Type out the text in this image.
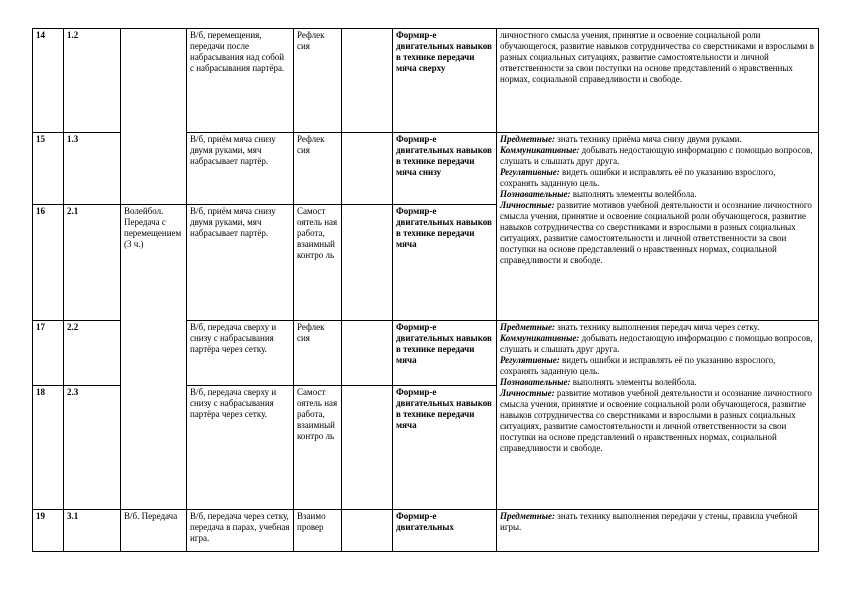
14	1.2		В/б, перемещения, передачи после набрасывания над собой с набрасывания партёра.	Рефлек сия		Формир-е двигательных навыков в технике передачи мяча сверху	личностного смысла учения, принятие и освоение социальной роли обучающегося, развитие навыков сотрудничества со сверстниками и взрослыми в разных социальных ситуациях, развитие самостоятельности и личной ответственности за свои поступки на основе представлений о нравственных нормах, социальной справедливости и свободе.

15	1.3		В/б, приём мяча снизу двумя руками, мяч набрасывает партёр.	Рефлек сия		Формир-е двигательных навыков в технике передачи мяча снизу	Предметные: знать технику приёма мяча снизу двумя руками.

Коммуникативные: добывать недостающую информацию с помощью вопросов, слушать и слышать друг друга.

Регулятивные: видеть ошибки и исправлять её по указанию взрослого, сохранять заданную цель.

Познавательные: выполнять элементы волейбола.

Личностные: развитие мотивов учебной деятельности и осознание личностного смысла учения, принятие и освоение социальной роли обучающегося, развитие навыков сотрудничества со сверстниками и взрослыми в разных социальных ситуациях, развитие самостоятельности и личной ответственности за свои поступки на основе представлений о нравственных нормах, социальной справедливости и свободе.

16	2.1	Волейбол. Передача с перемещением (3 ч.)	В/б, приём мяча снизу двумя руками, мяч набрасывает партёр.	Самост оятель ная работа, взаимный контро ль		Формир-е двигательных навыков в технике передачи мяча	
17	2.2		В/б, передача сверху и снизу с набрасывания партёра через сетку.	Рефлек сия		Формир-е двигательных навыков в технике передачи мяча	Предметные: знать технику выполнения передач мяча через сетку.

Коммуникативные: добывать недостающую информацию с помощью вопросов, слушать и слышать друг друга.

Регулятивные: видеть ошибки и исправлять её по указанию взрослого, сохранять заданную цель.

Познавательные: выполнять элементы волейбола.

Личностные: развитие мотивов учебной деятельности и осознание личностного смысла учения, принятие и освоение социальной роли обучающегося, развитие навыков сотрудничества со сверстниками и взрослыми в разных социальных ситуациях, развитие самостоятельности и личной ответственности за свои поступки на основе представлений о нравственных нормах, социальной справедливости и свободе.

18	2.3		В/б, передача сверху и снизу с набрасывания партёра через сетку.	Самост оятель ная работа, взаимный контро ль		Формир-е двигательных навыков в технике передачи мяча	
19	3.1	В/б. Передача	В/б, передача через сетку, передача в парах, учебная игра.	Взаимо провер		Формир-е двигательных	Предметные: знать технику выполнения передачи у стены, правила учебной игры.
